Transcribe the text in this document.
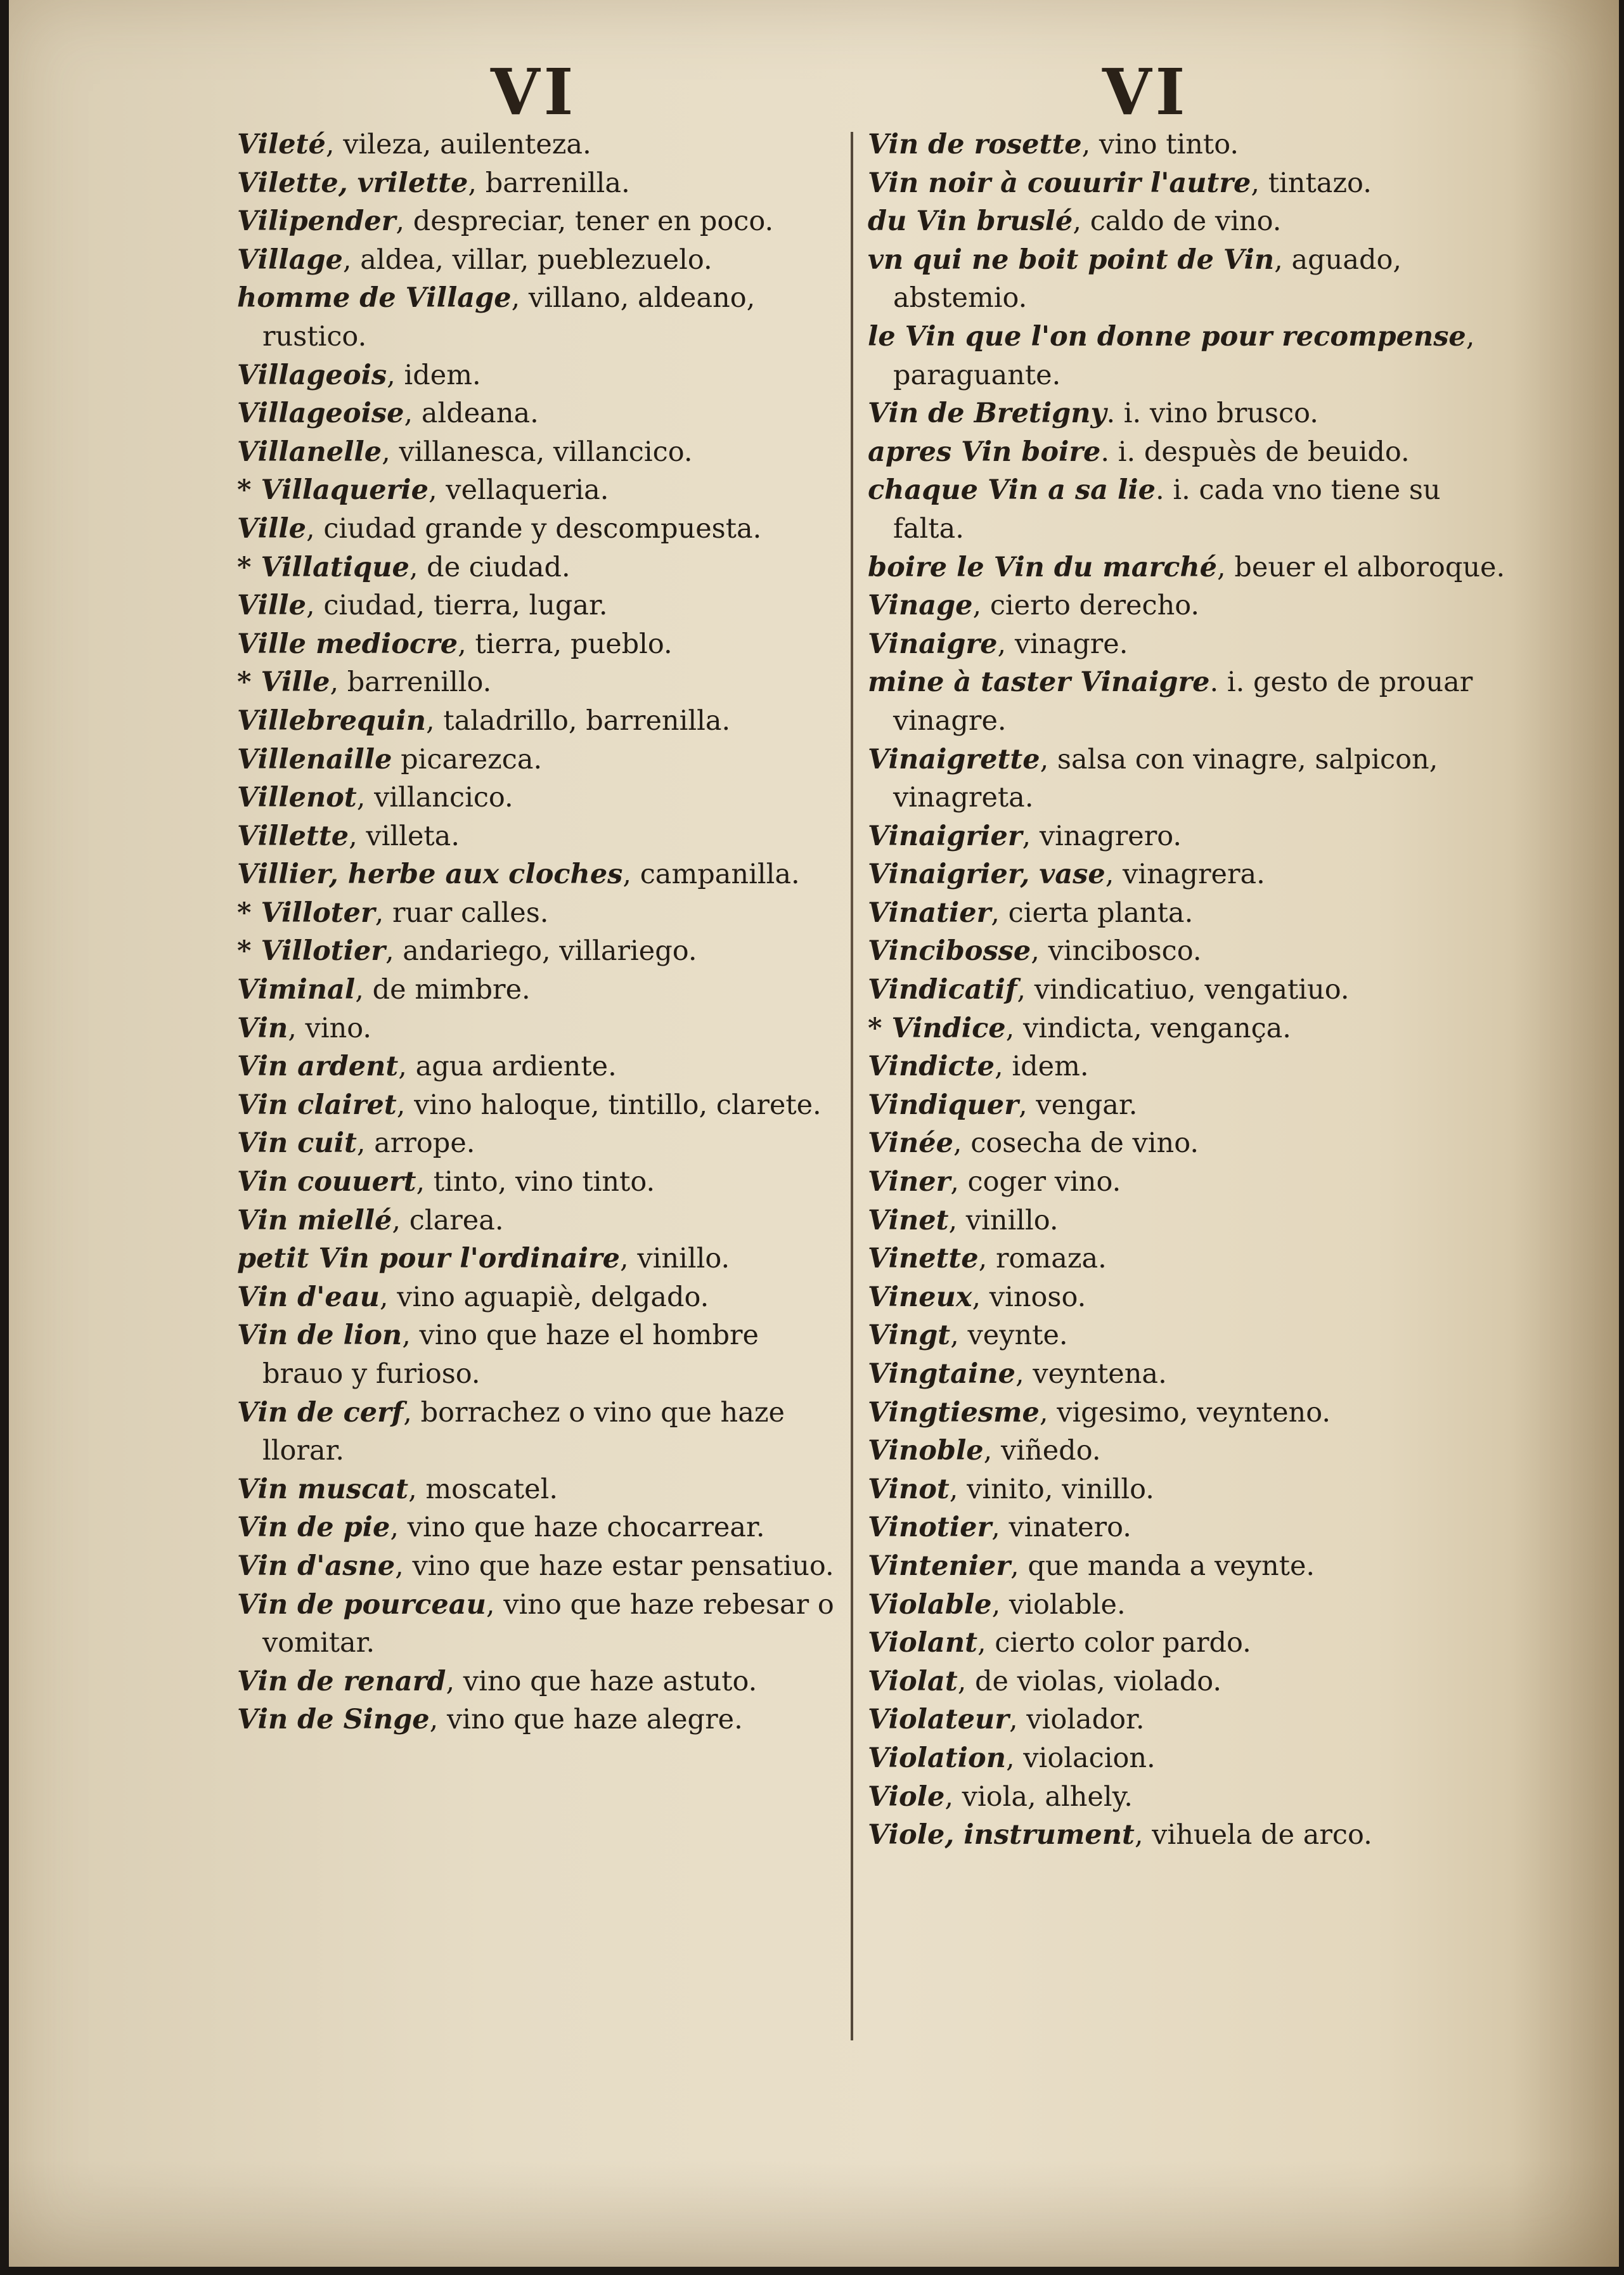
VI	VI
Vileté, vileza, auilenteza.
Vilette, vrilette, barrenilla.
Vilipender, despreciar, tener en poco.
Village, aldea, villar, pueblezuelo.
homme de Village, villano, aldeano, rustico.
Villageois, idem.
Villageoise, aldeana.
Villanelle, villanesca, villancico.
* Villaquerie, vellaqueria.
Ville, ciudad grande y descompuesta.
* Villatique, de ciudad.
Ville, ciudad, tierra, lugar.
Ville mediocre, tierra, pueblo.
* Ville, barrenillo.
Villebrequin, taladrillo, barrenilla.
Villenaille picarezca.
Villenot, villancico.
Villette, villeta.
Villier, herbe aux cloches, campanilla.
* Villoter, ruar calles.
* Villotier, andariego, villariego.
Viminal, de mimbre.
Vin, vino.
Vin ardent, agua ardiente.
Vin clairet, vino haloque, tintillo, clarete.
Vin cuit, arrope.
Vin couuert, tinto, vino tinto.
Vin miellé, clarea.
petit Vin pour l'ordinaire, vinillo.
Vin d'eau, vino aguapiè, delgado.
Vin de lion, vino que haze el hombre brauo y furioso.
Vin de cerf, borrachez o vino que haze llorar.
Vin muscat, moscatel.
Vin de pie, vino que haze chocarrear.
Vin d'asne, vino que haze estar pensatiuo.
Vin de pourceau, vino que haze rebesar o vomitar.
Vin de renard, vino que haze astuto.
Vin de Singe, vino que haze alegre.
Vin de rosette, vino tinto.
Vin noir à couurir l'autre, tintazo.
du Vin bruslé, caldo de vino.
vn qui ne boit point de Vin, aguado, abstemio.
le Vin que l'on donne pour recompense, paraguante.
Vin de Bretigny. i. vino brusco.
apres Vin boire. i. despuès de beuido.
chaque Vin a sa lie. i. cada vno tiene su falta.
boire le Vin du marché, beuer el alboroque.
Vinage, cierto derecho.
Vinaigre, vinagre.
mine à taster Vinaigre. i. gesto de prouar vinagre.
Vinaigrette, salsa con vinagre, salpicon, vinagreta.
Vinaigrier, vinagrero.
Vinaigrier, vase, vinagrera.
Vinatier, cierta planta.
Vincibosse, vincibosco.
Vindicatif, vindicatiuo, vengatiuo.
* Vindice, vindicta, vengança.
Vindicte, idem.
Vindiquer, vengar.
Vinée, cosecha de vino.
Viner, coger vino.
Vinet, vinillo.
Vinette, romaza.
Vineux, vinoso.
Vingt, veynte.
Vingtaine, veyntena.
Vingtiesme, vigesimo, veynteno.
Vinoble, viñedo.
Vinot, vinito, vinillo.
Vinotier, vinatero.
Vintenier, que manda a veynte.
Violable, violable.
Violant, cierto color pardo.
Violat, de violas, violado.
Violateur, violador.
Violation, violacion.
Viole, viola, alhely.
Viole, instrument, vihuela de arco.
